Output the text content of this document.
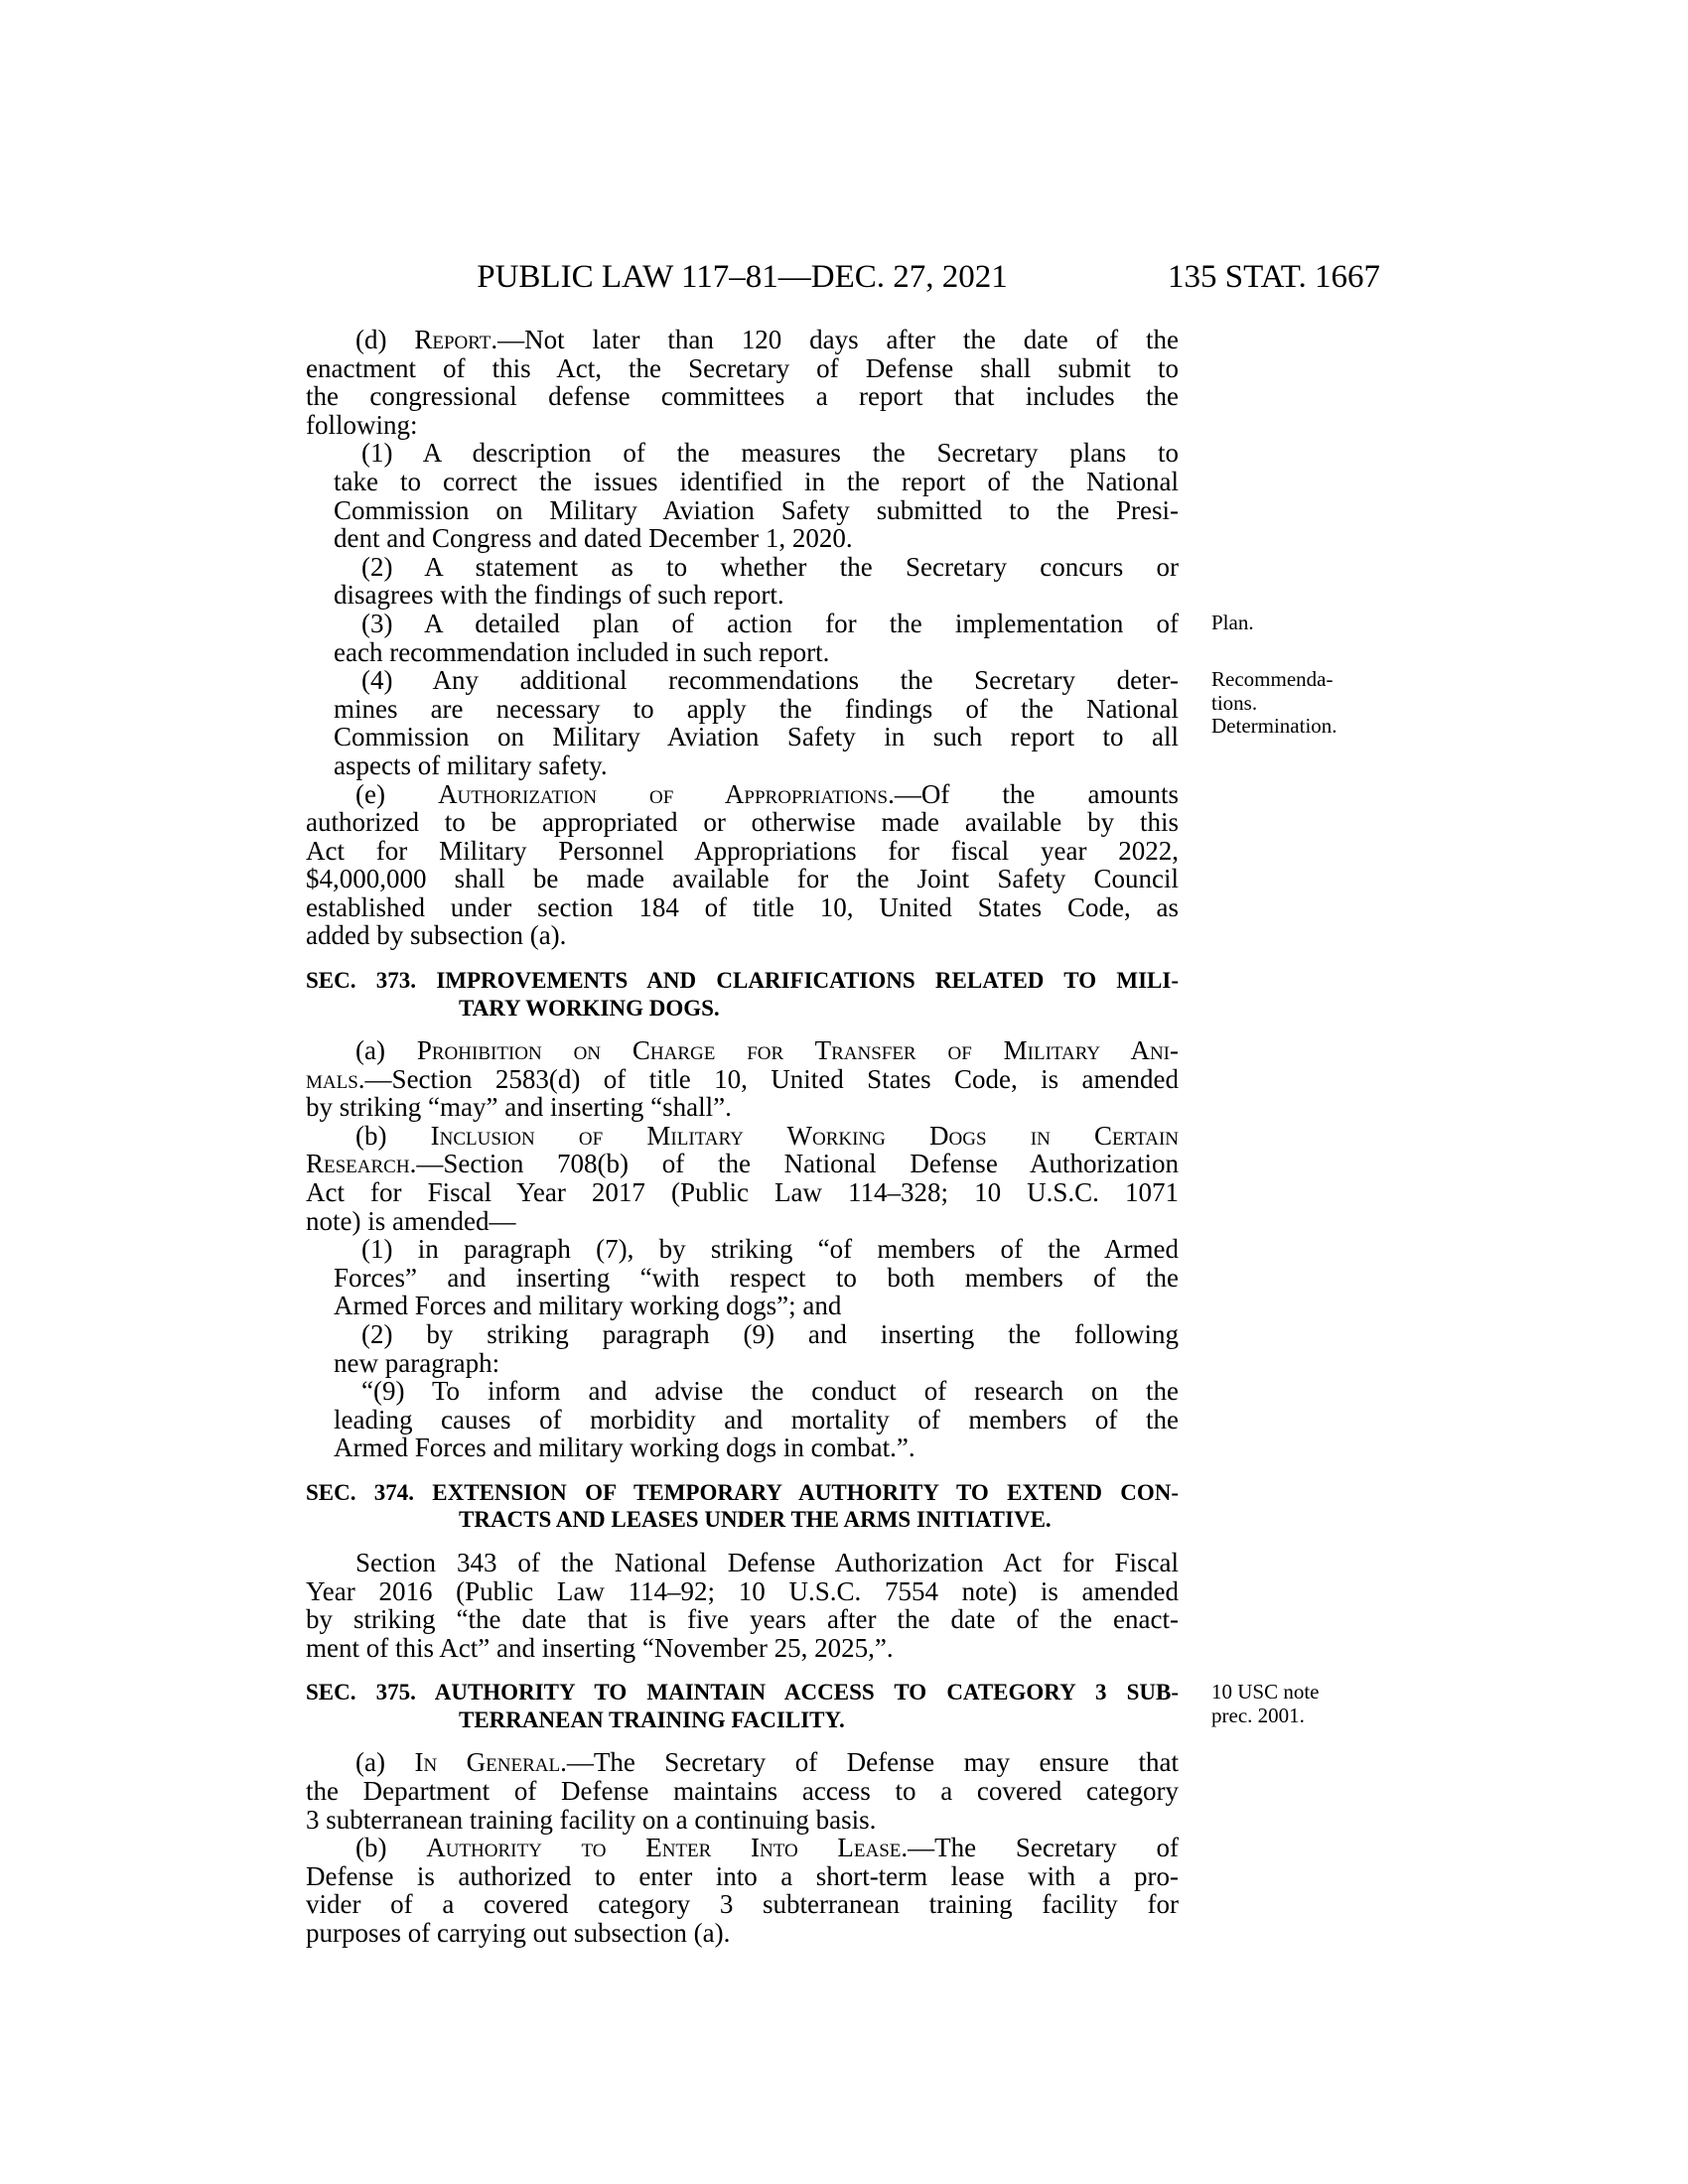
PUBLIC LAW 117–81—DEC. 27, 2021	135 STAT. 1667
(d) Report.—Not later than 120 days after the date of the
enactment of this Act, the Secretary of Defense shall submit to
the congressional defense committees a report that includes the
following:
(1) A description of the measures the Secretary plans to
take to correct the issues identified in the report of the National
Commission on Military Aviation Safety submitted to the Presi-
dent and Congress and dated December 1, 2020.
(2) A statement as to whether the Secretary concurs or
disagrees with the findings of such report.
(3) A detailed plan of action for the implementation of
each recommendation included in such report.
Plan.
(4) Any additional recommendations the Secretary deter-
mines are necessary to apply the findings of the National
Commission on Military Aviation Safety in such report to all
aspects of military safety.
Recommenda-
tions.
Determination.
(e) Authorization of Appropriations.—Of the amounts
authorized to be appropriated or otherwise made available by this
Act for Military Personnel Appropriations for fiscal year 2022,
$4,000,000 shall be made available for the Joint Safety Council
established under section 184 of title 10, United States Code, as
added by subsection (a).
SEC. 373. IMPROVEMENTS AND CLARIFICATIONS RELATED TO MILI-
TARY WORKING DOGS.
(a) Prohibition on Charge for Transfer of Military Ani-
mals.—Section 2583(d) of title 10, United States Code, is amended
by striking “may” and inserting “shall”.
(b) Inclusion of Military Working Dogs in Certain
Research.—Section 708(b) of the National Defense Authorization
Act for Fiscal Year 2017 (Public Law 114–328; 10 U.S.C. 1071
note) is amended—
(1) in paragraph (7), by striking “of members of the Armed
Forces” and inserting “with respect to both members of the
Armed Forces and military working dogs”; and
(2) by striking paragraph (9) and inserting the following
new paragraph:
“(9) To inform and advise the conduct of research on the
leading causes of morbidity and mortality of members of the
Armed Forces and military working dogs in combat.”.
SEC. 374. EXTENSION OF TEMPORARY AUTHORITY TO EXTEND CON-
TRACTS AND LEASES UNDER THE ARMS INITIATIVE.
Section 343 of the National Defense Authorization Act for Fiscal
Year 2016 (Public Law 114–92; 10 U.S.C. 7554 note) is amended
by striking “the date that is five years after the date of the enact-
ment of this Act” and inserting “November 25, 2025,”.
SEC. 375. AUTHORITY TO MAINTAIN ACCESS TO CATEGORY 3 SUB-
TERRANEAN TRAINING FACILITY.
10 USC note
prec. 2001.
(a) In General.—The Secretary of Defense may ensure that
the Department of Defense maintains access to a covered category
3 subterranean training facility on a continuing basis.
(b) Authority to Enter Into Lease.—The Secretary of
Defense is authorized to enter into a short-term lease with a pro-
vider of a covered category 3 subterranean training facility for
purposes of carrying out subsection (a).
